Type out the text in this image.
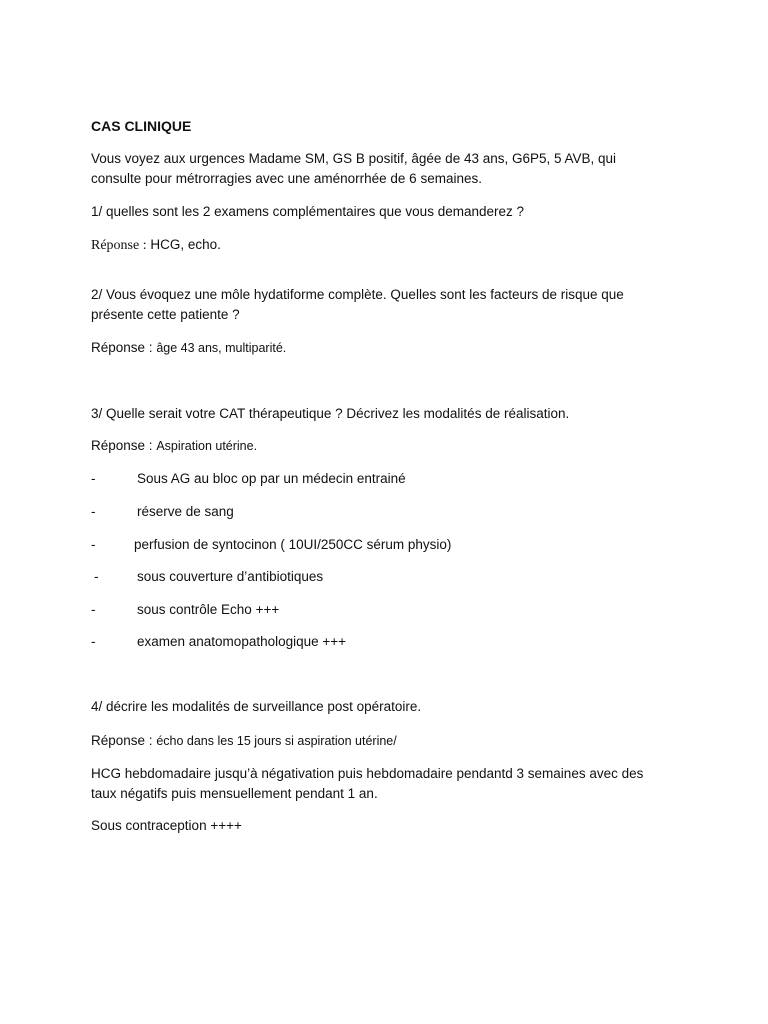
CAS CLINIQUE

Vous voyez aux urgences Madame SM, GS B positif, âgée de 43 ans, G6P5, 5 AVB, qui

consulte pour métrorragies avec une aménorrhée de 6 semaines.

1/ quelles sont les 2 examens complémentaires que vous demanderez ?

Réponse : HCG, echo.

2/ Vous évoquez une môle hydatiforme complète. Quelles sont les facteurs de risque que

présente cette patiente ?

Réponse : âge 43 ans, multiparité.

3/ Quelle serait votre CAT thérapeutique ? Décrivez les modalités de réalisation.

Réponse : Aspiration utérine.

-	Sous AG au bloc op par un médecin entrainé
-	réserve de sang
-	perfusion de syntocinon ( 10UI/250CC sérum physio)
-	sous couverture d’antibiotiques
-	sous contrôle Echo +++
-	examen anatomopathologique +++

4/ décrire les modalités de surveillance post opératoire.

Réponse : écho dans les 15 jours si aspiration utérine/

HCG hebdomadaire jusqu’à négativation puis hebdomadaire pendantd 3 semaines avec des

taux négatifs puis mensuellement pendant 1 an.

Sous contraception ++++
